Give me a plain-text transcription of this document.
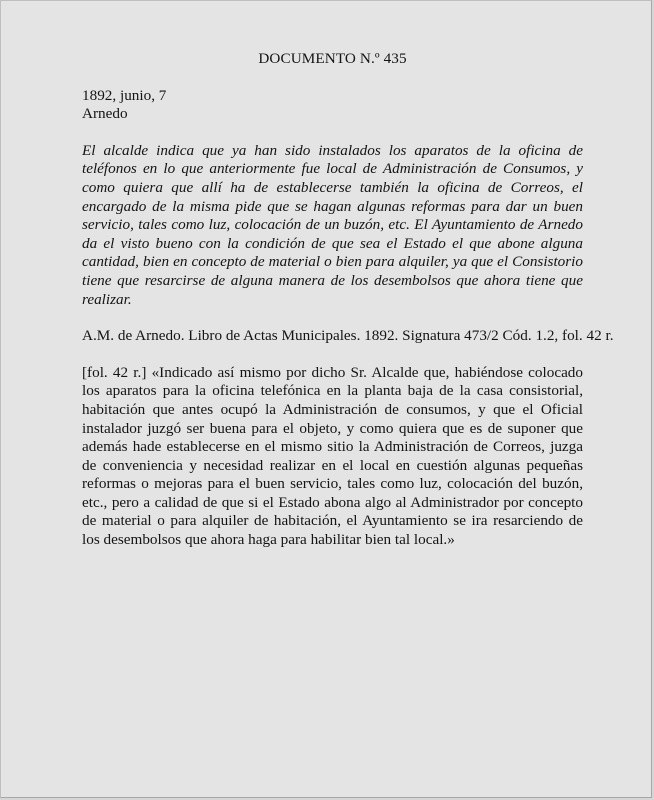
DOCUMENTO N.º 435

1892, junio, 7
Arnedo

El alcalde indica que ya han sido instalados los aparatos de la oficina de teléfonos en lo que anteriormente fue local de Administración de Consumos, y como quiera que allí ha de establecerse también la oficina de Correos, el encargado de la misma pide que se hagan algunas reformas para dar un buen servicio, tales como luz, colocación de un buzón, etc. El Ayuntamiento de Arnedo da el visto bueno con la condición de que sea el Estado el que abone alguna cantidad, bien en concepto de material o bien para alquiler, ya que el Consistorio tiene que resarcirse de alguna manera de los desembolsos que ahora tiene que realizar.

A.M. de Arnedo. Libro de Actas Municipales. 1892. Signatura 473/2 Cód. 1.2, fol. 42 r.

[fol. 42 r.] «Indicado así mismo por dicho Sr. Alcalde que, habiéndose colocado los aparatos para la oficina telefónica en la planta baja de la casa consistorial, habitación que antes ocupó la Administración de consumos, y que el Oficial instalador juzgó ser buena para el objeto, y como quiera que es de suponer que además hade establecerse en el mismo sitio la Administración de Correos, juzga de conveniencia y necesidad realizar en el local en cuestión algunas pequeñas reformas o mejoras para el buen servicio, tales como luz, colocación del buzón, etc., pero a calidad de que si el Estado abona algo al Administrador por concepto de material o para alquiler de habitación, el Ayuntamiento se ira resarciendo de los desembolsos que ahora haga para habilitar bien tal local.»
